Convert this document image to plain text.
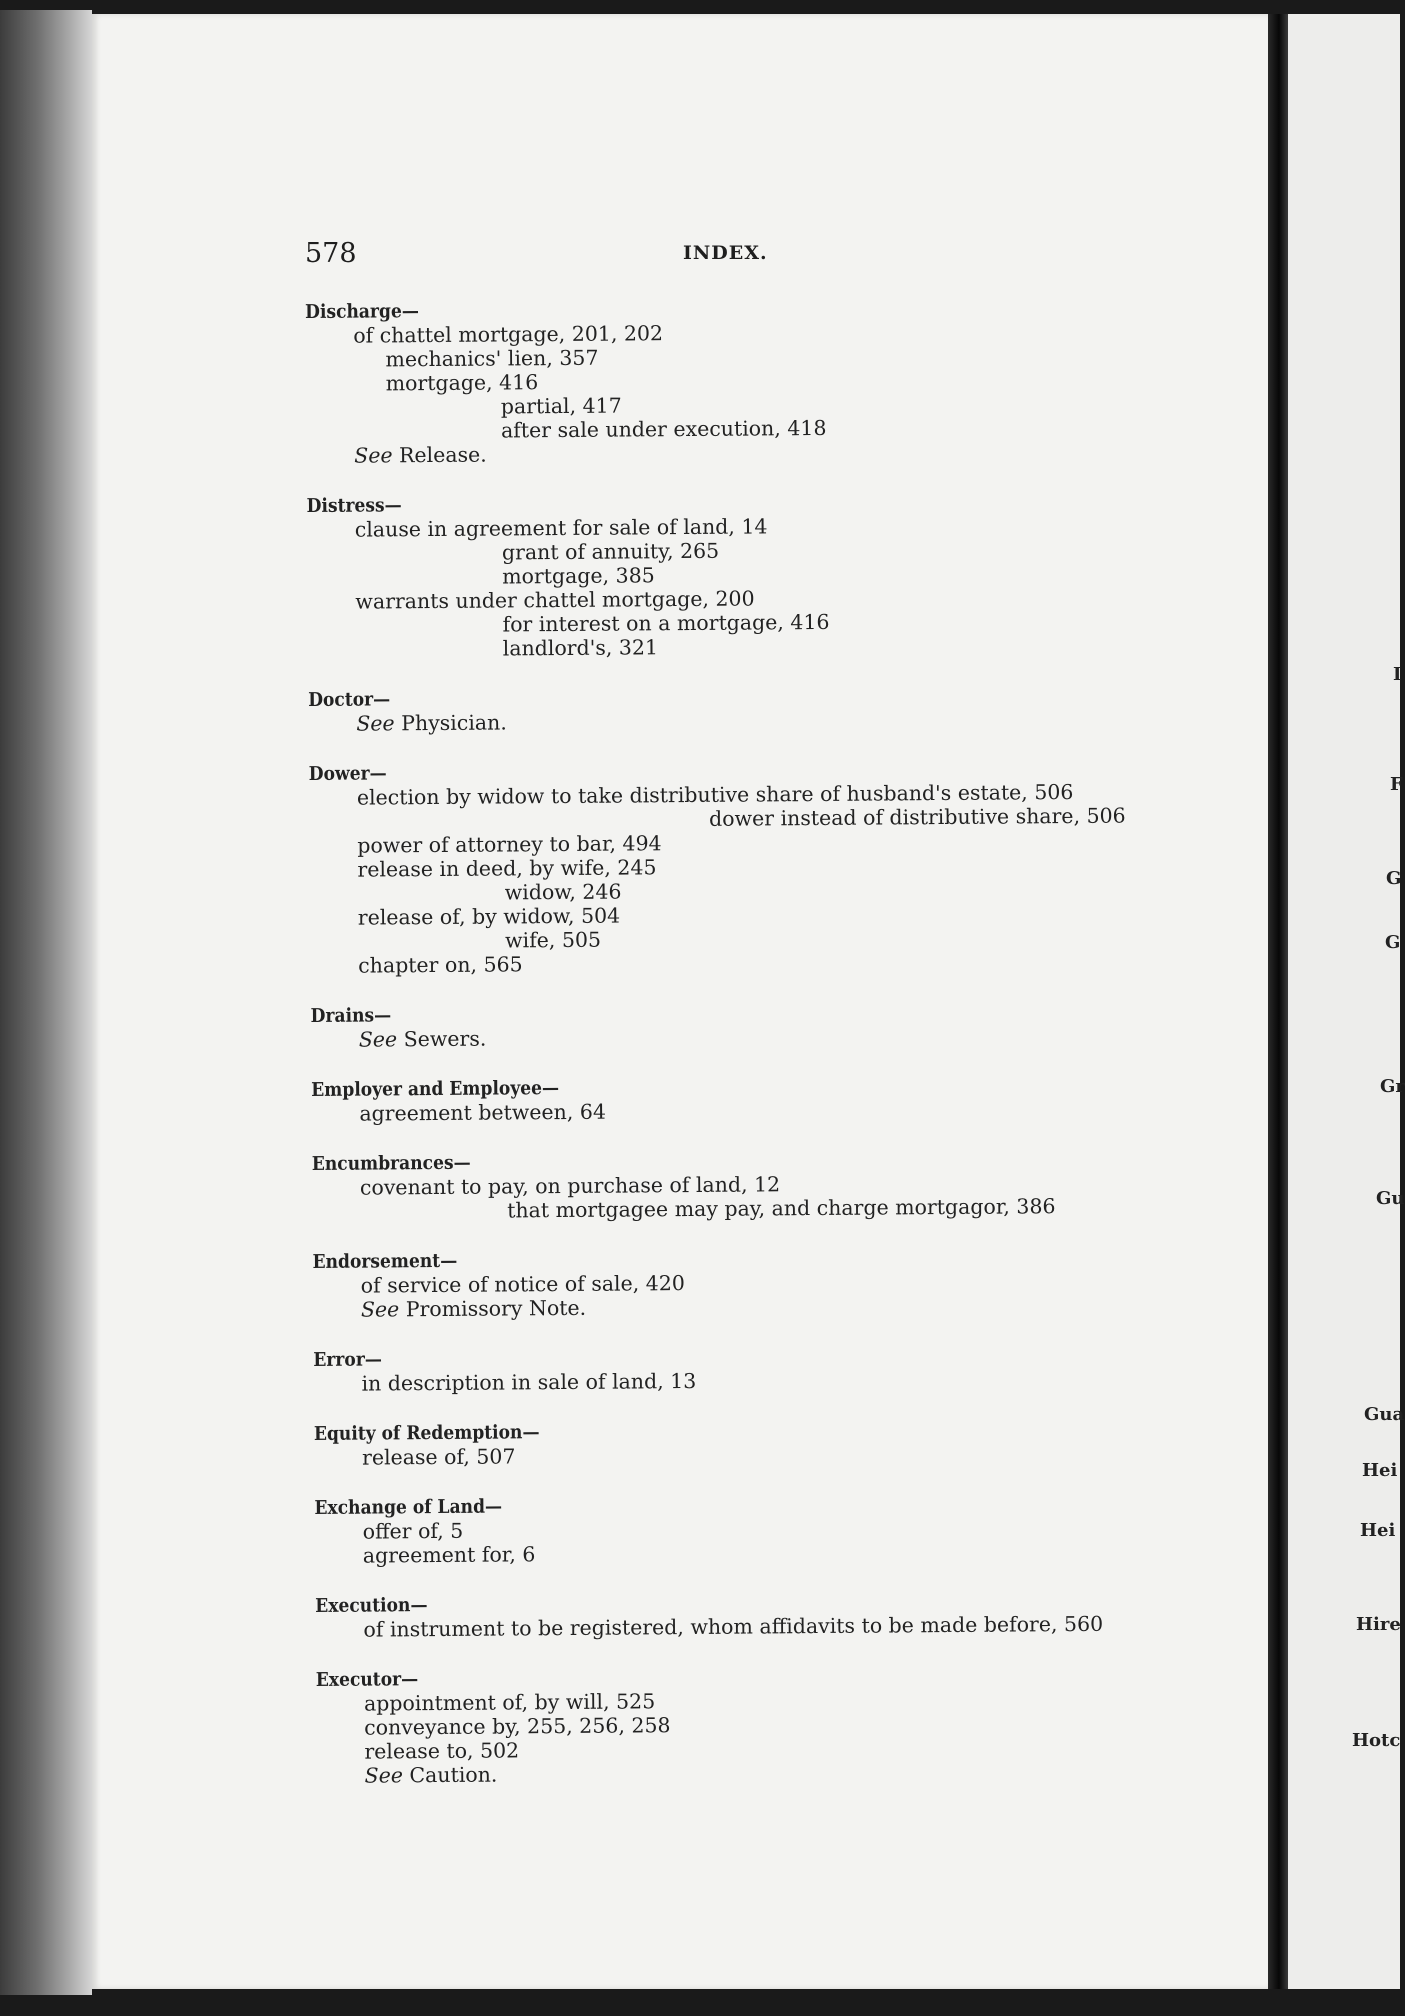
578	INDEX.
Discharge—
of chattel mortgage, 201, 202
mechanics' lien, 357
mortgage, 416
partial, 417
after sale under execution, 418
See Release.
Distress—
clause in agreement for sale of land, 14
grant of annuity, 265
mortgage, 385
warrants under chattel mortgage, 200
for interest on a mortgage, 416
landlord's, 321
Doctor—
See Physician.
Dower—
election by widow to take distributive share of husband's estate, 506
dower instead of distributive share, 506
power of attorney to bar, 494
release in deed, by wife, 245
widow, 246
release of, by widow, 504
wife, 505
chapter on, 565
Drains—
See Sewers.
Employer and Employee—
agreement between, 64
Encumbrances—
covenant to pay, on purchase of land, 12
that mortgagee may pay, and charge mortgagor, 386
Endorsement—
of service of notice of sale, 420
See Promissory Note.
Error—
in description in sale of land, 13
Equity of Redemption—
release of, 507
Exchange of Land—
offer of, 5
agreement for, 6
Execution—
of instrument to be registered, whom affidavits to be made before, 560
Executor—
appointment of, by will, 525
conveyance by, 255, 256, 258
release to, 502
See Caution.
I
F
G
G
Gr
Gu
Gua
Hei
Hei
Hire
Hotc
